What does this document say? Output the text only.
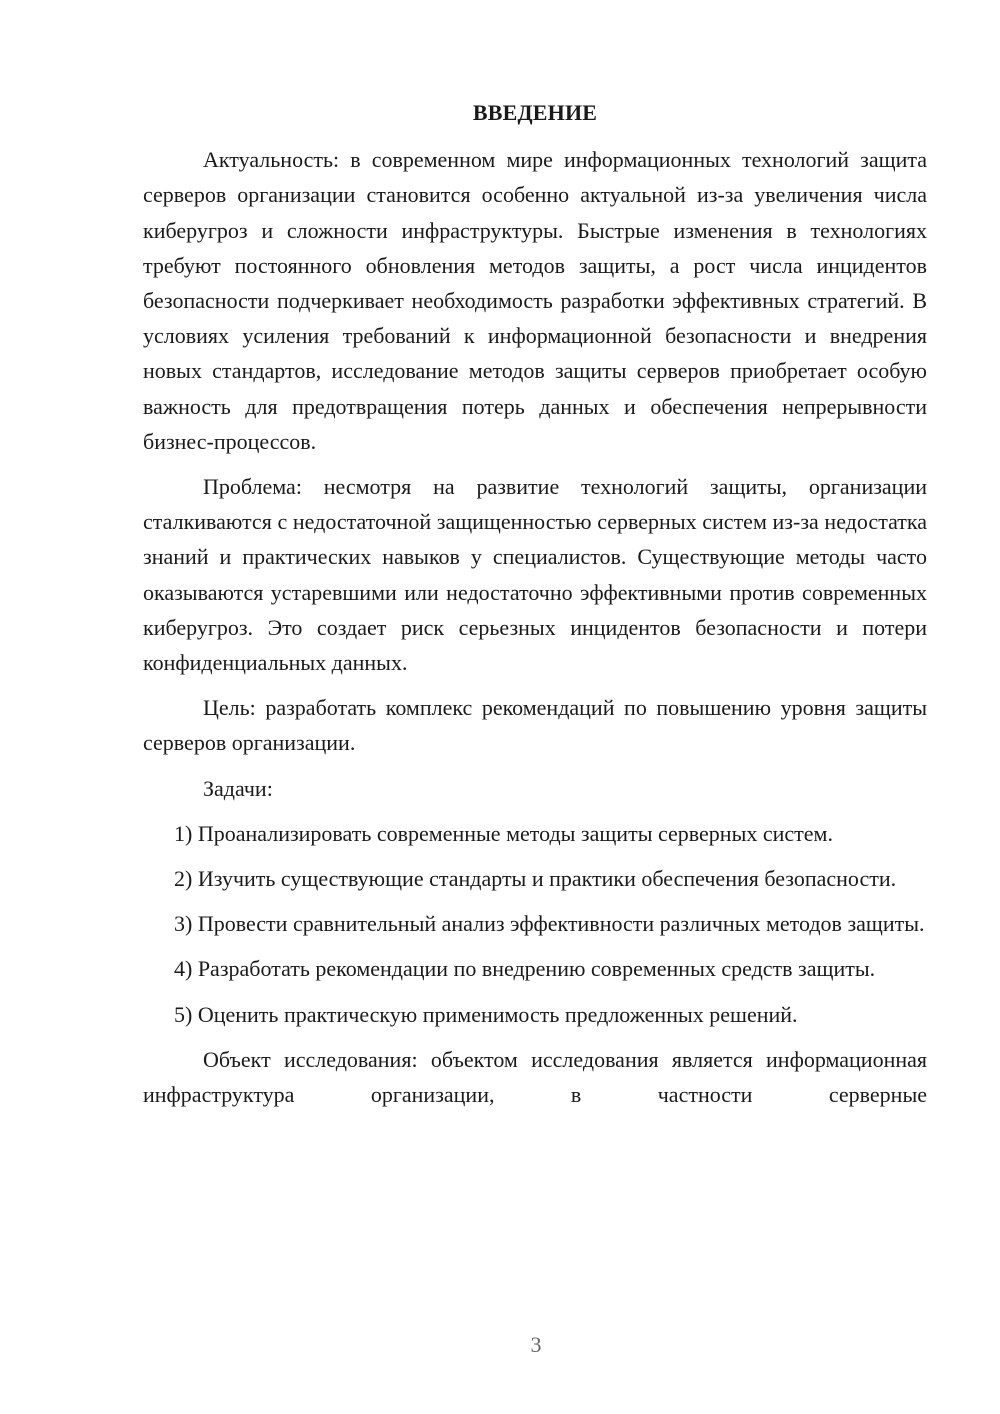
ВВЕДЕНИЕ

Актуальность: в современном мире информационных технологий защита серверов организации становится особенно актуальной из-за увеличения числа киберугроз и сложности инфраструктуры. Быстрые изменения в технологиях требуют постоянного обновления методов защиты, а рост числа инцидентов безопасности подчеркивает необходимость разработки эффективных стратегий. В условиях усиления требований к информационной безопасности и внедрения новых стандартов, исследование методов защиты серверов приобретает особую важность для предотвращения потерь данных и обеспечения непрерывности бизнес-процессов.

Проблема: несмотря на развитие технологий защиты, организации сталкиваются с недостаточной защищенностью серверных систем из-за недостатка знаний и практических навыков у специалистов. Существующие методы часто оказываются устаревшими или недостаточно эффективными против современных киберугроз. Это создает риск серьезных инцидентов безопасности и потери конфиденциальных данных.

Цель: разработать комплекс рекомендаций по повышению уровня защиты серверов организации.

Задачи:

1) Проанализировать современные методы защиты серверных систем.

2) Изучить существующие стандарты и практики обеспечения безопасности.

3) Провести сравнительный анализ эффективности различных методов защиты.

4) Разработать рекомендации по внедрению современных средств защиты.

5) Оценить практическую применимость предложенных решений.

Объект исследования: объектом исследования является информационная инфраструктура организации, в частности серверные

3
